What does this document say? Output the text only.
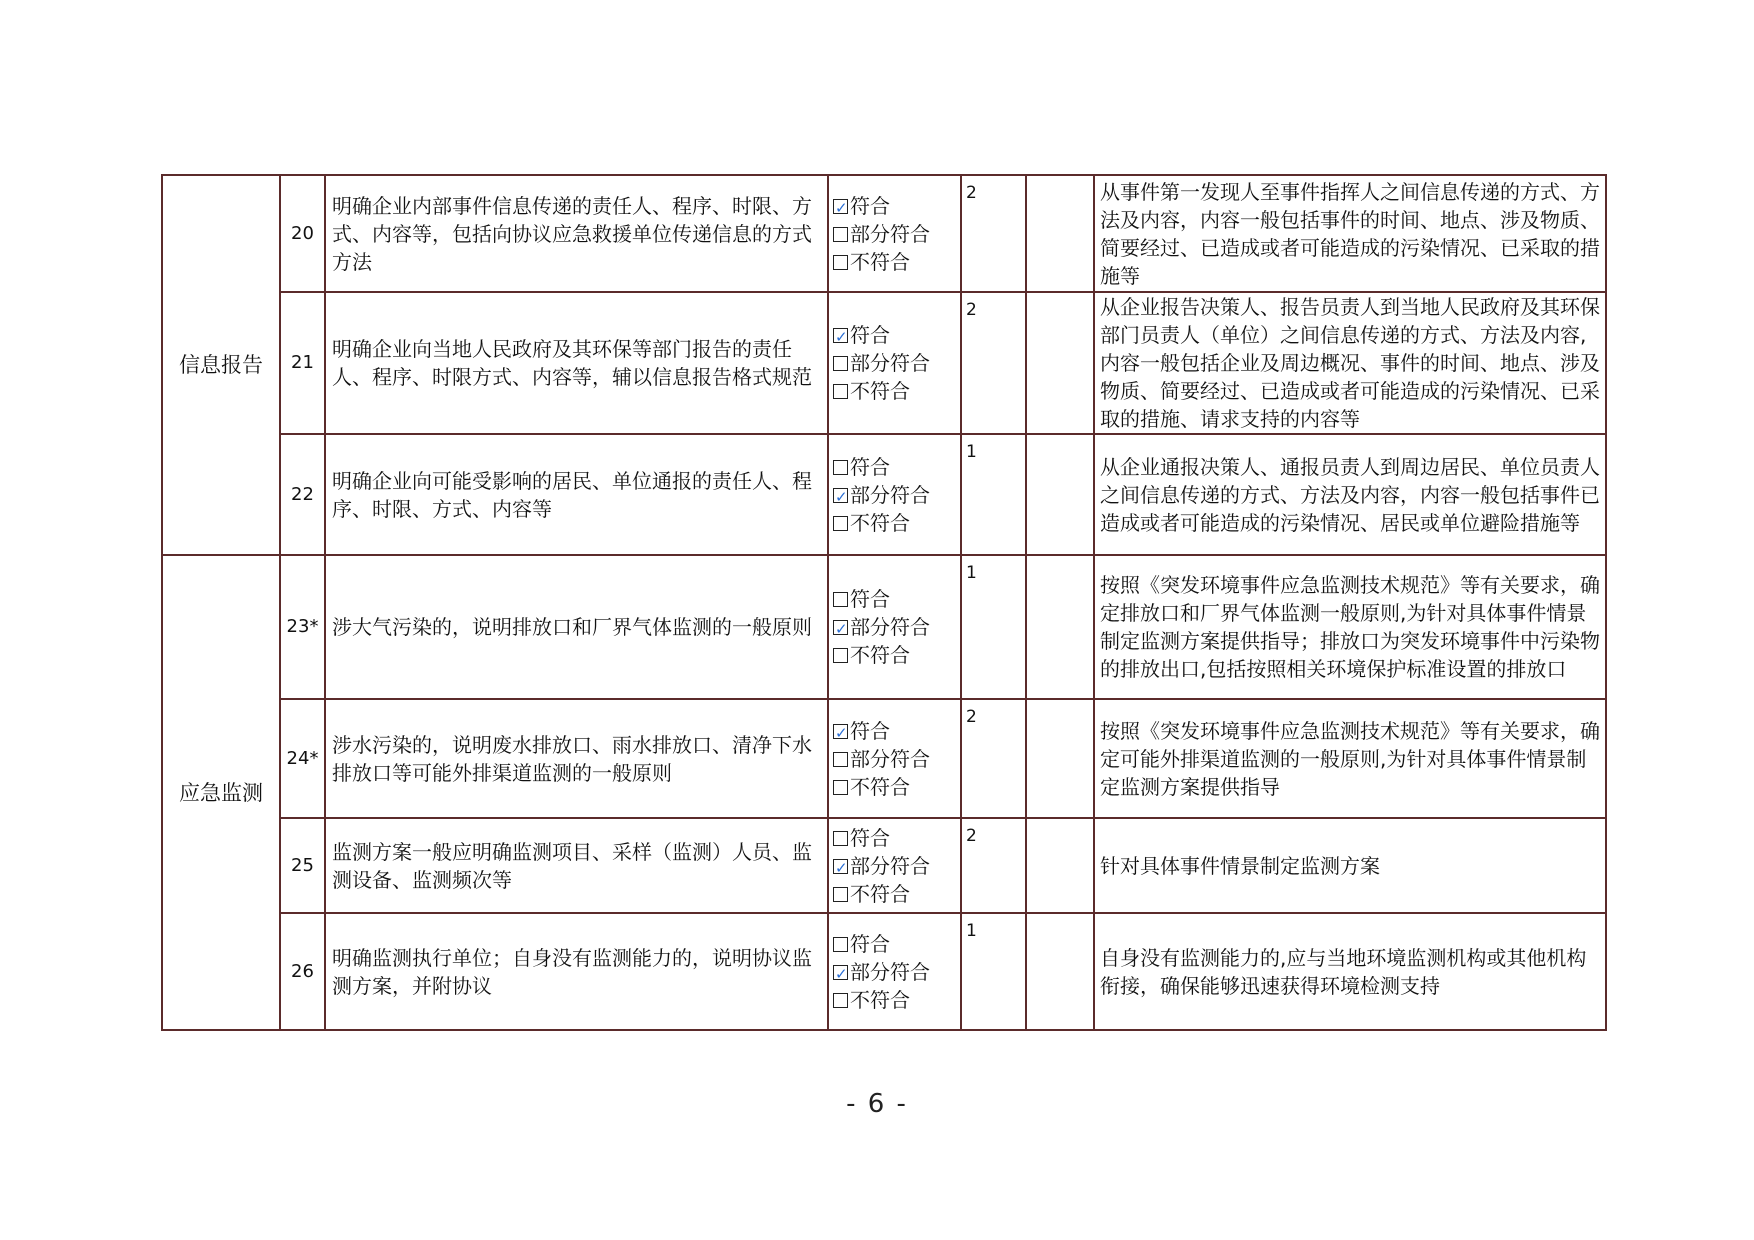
信息报告	20	明确企业内部事件信息传递的责任人、程序、时限、方式、内容等，包括向协议应急救援单位传递信息的方式方法	
✓符合
部分符合
不符合	2		从事件第一发现人至事件指挥人之间信息传递的方式、方法及内容，内容一般包括事件的时间、地点、涉及物质、简要经过、已造成或者可能造成的污染情况、已采取的措施等
	21	明确企业向当地人民政府及其环保等部门报告的责任人、程序、时限方式、内容等，辅以信息报告格式规范	
✓符合
部分符合
不符合	2		从企业报告决策人、报告员责人到当地人民政府及其环保部门员责人（单位）之间信息传递的方式、方法及内容,内容一般包括企业及周边概况、事件的时间、地点、涉及物质、简要经过、已造成或者可能造成的污染情况、已采取的措施、请求支持的内容等
	22	明确企业向可能受影响的居民、单位通报的责任人、程序、时限、方式、内容等	符合
✓部分符合
不符合	1		从企业通报决策人、通报员责人到周边居民、单位员责人之间信息传递的方式、方法及内容，内容一般包括事件已造成或者可能造成的污染情况、居民或单位避险措施等
应急监测	23*	涉大气污染的，说明排放口和厂界气体监测的一般原则	符合
✓部分符合
不符合	1		按照《突发环境事件应急监测技术规范》等有关要求，确定排放口和厂界气体监测一般原则,为针对具体事件情景制定监测方案提供指导；排放口为突发环境事件中污染物的排放出口,包括按照相关环境保护标准设置的排放口
	24*	涉水污染的，说明废水排放口、雨水排放口、清净下水排放口等可能外排渠道监测的一般原则	
✓符合
部分符合
不符合	2		按照《突发环境事件应急监测技术规范》等有关要求，确定可能外排渠道监测的一般原则,为针对具体事件情景制定监测方案提供指导
	25	监测方案一般应明确监测项目、采样（监测）人员、监测设备、监测频次等	符合
✓部分符合
不符合	2		针对具体事件情景制定监测方案
	26	明确监测执行单位；自身没有监测能力的，说明协议监测方案，并附协议	符合
✓部分符合
不符合	1		自身没有监测能力的,应与当地环境监测机构或其他机构衔接，确保能够迅速获得环境检测支持
- 6 -
